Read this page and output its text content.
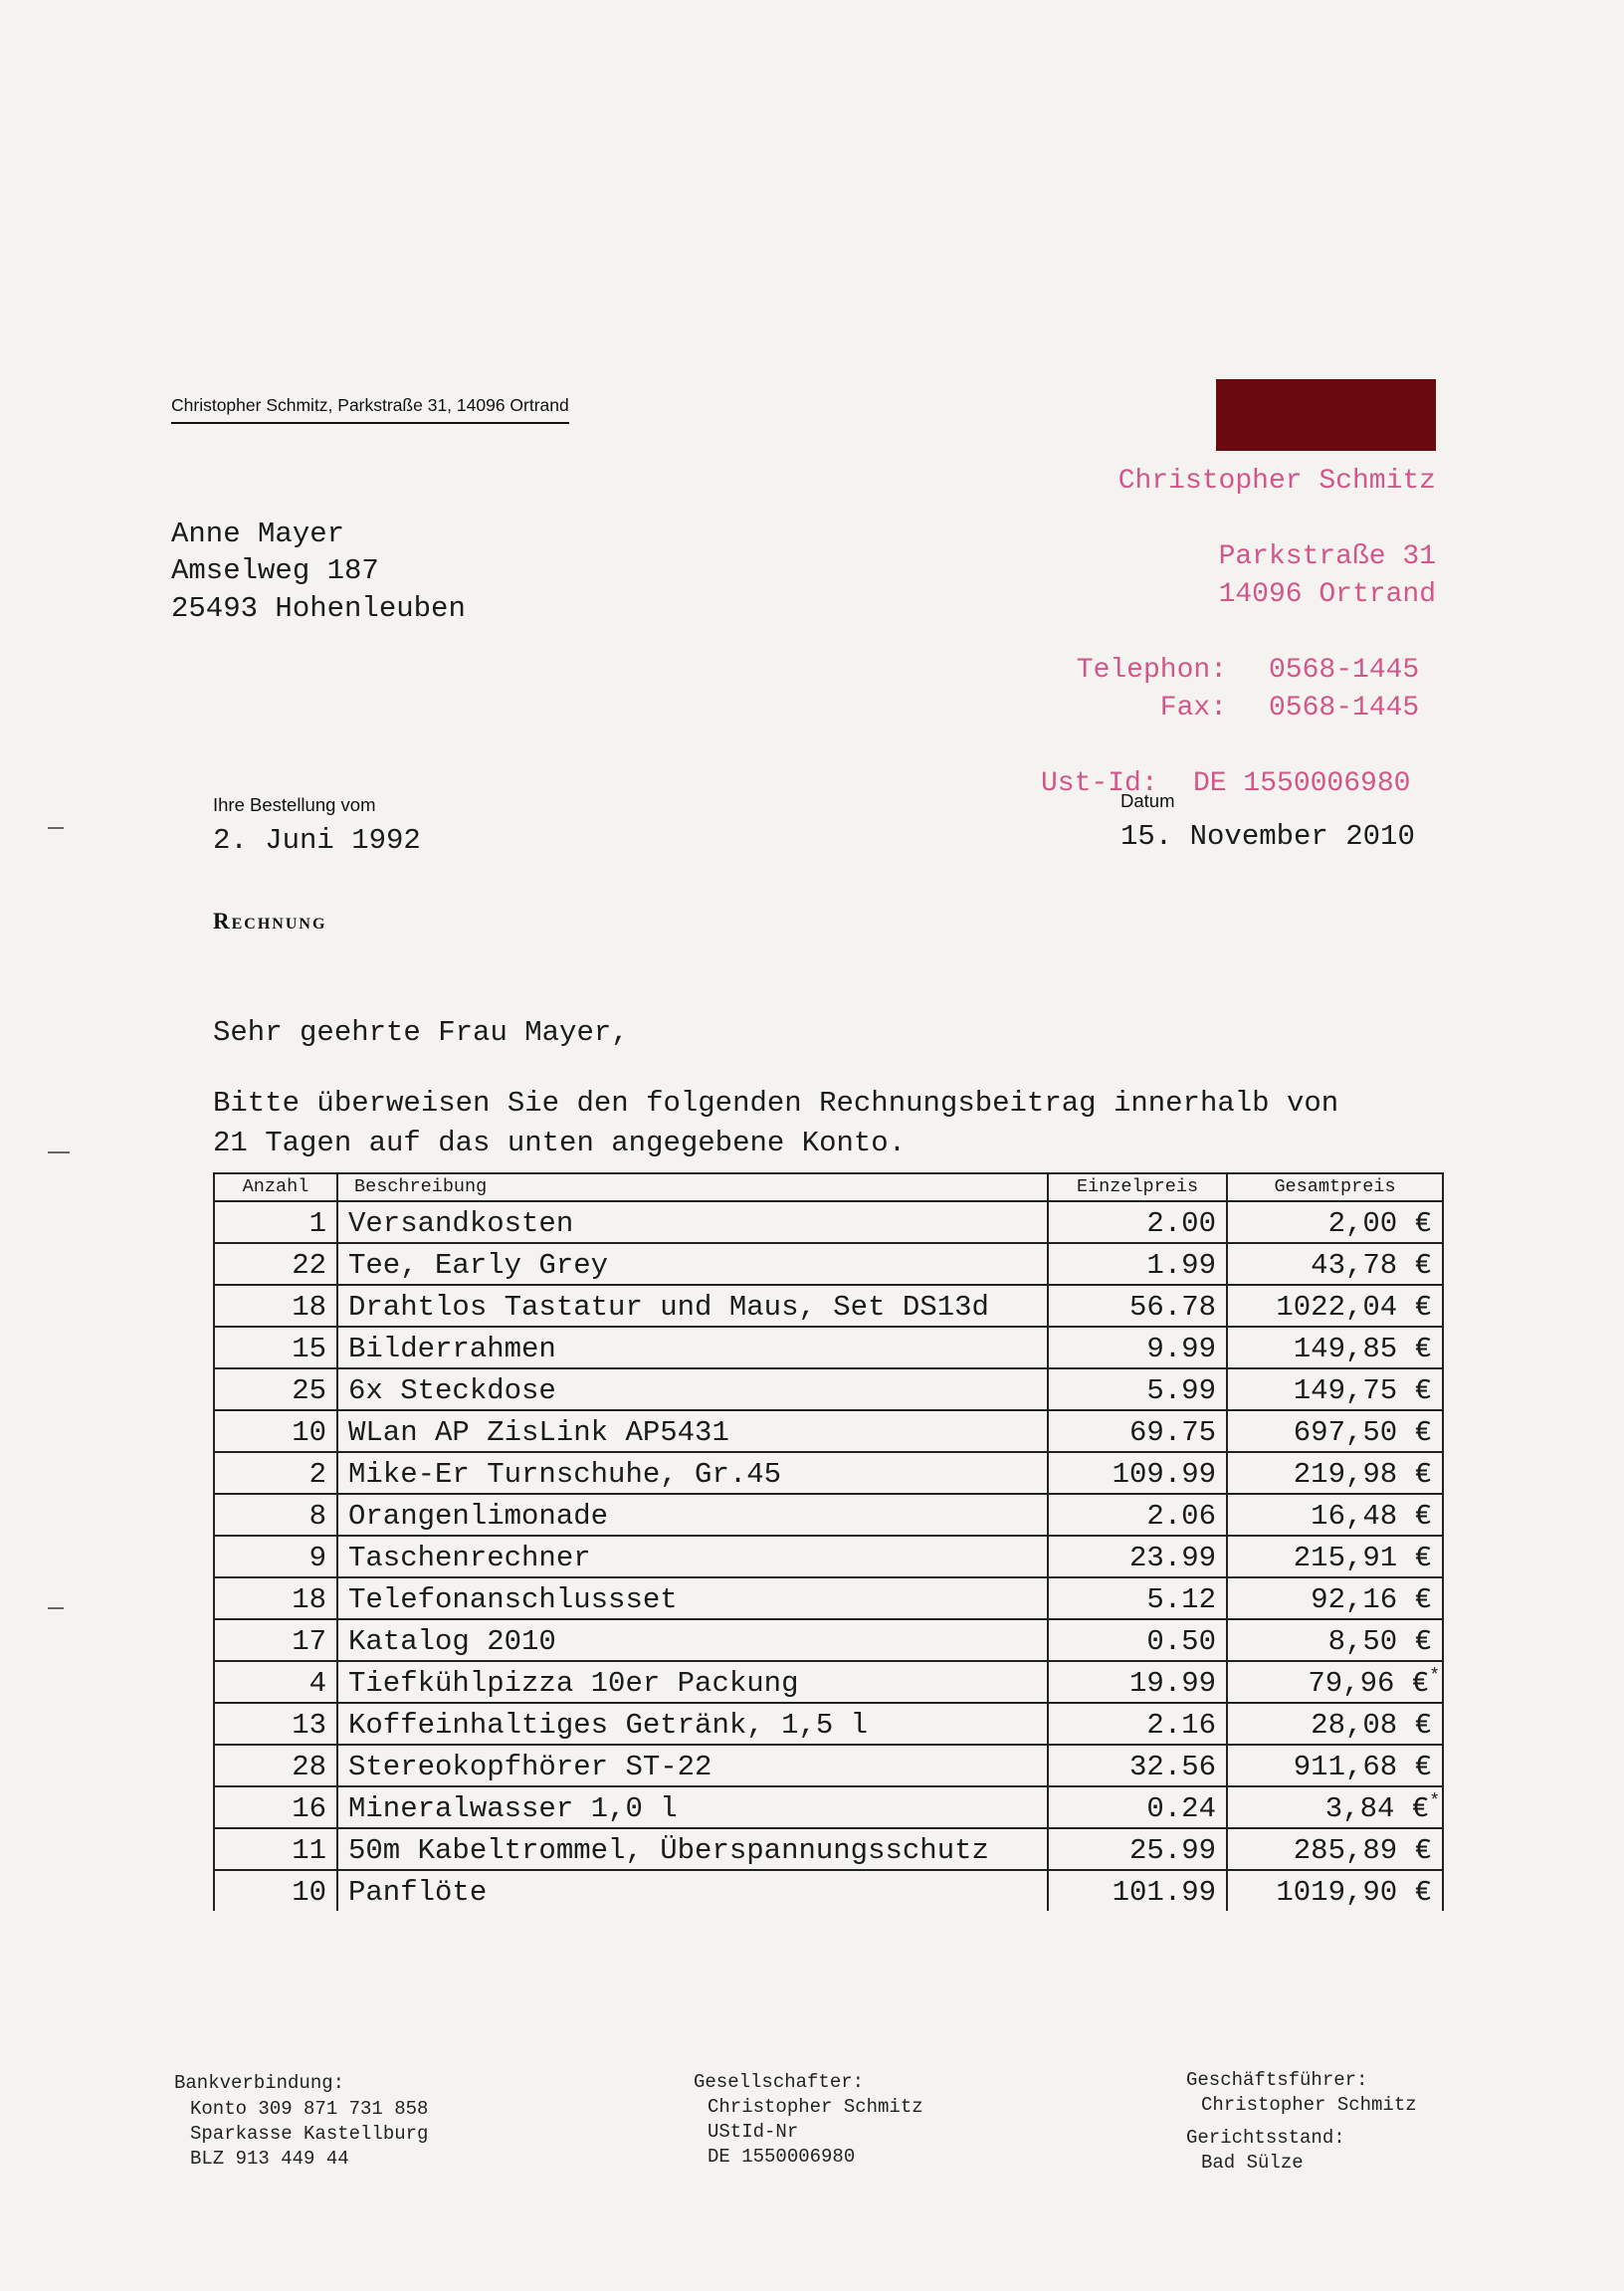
Christopher Schmitz, Parkstraße 31, 14096 Ortrand
Anne Mayer
Amselweg 187
25493 Hohenleuben
Christopher Schmitz
Parkstraße 31
14096 Ortrand
Telephon: 0568-1445
Fax: 0568-1445
Ust-Id: DE 1550006980
Ihre Bestellung vom
2. Juni 1992
Datum
15. November 2010
Rechnung
Sehr geehrte Frau Mayer,
Bitte überweisen Sie den folgenden Rechnungsbeitrag innerhalb von
21 Tagen auf das unten angegebene Konto.
Anzahl	Beschreibung	Einzelpreis	Gesamtpreis
1	Versandkosten	2.00	2,00 €
22	Tee, Early Grey	1.99	43,78 €
18	Drahtlos Tastatur und Maus, Set DS13d	56.78	1022,04 €
15	Bilderrahmen	9.99	149,85 €
25	6x Steckdose	5.99	149,75 €
10	WLan AP ZisLink AP5431	69.75	697,50 €
2	Mike-Er Turnschuhe, Gr.45	109.99	219,98 €
8	Orangenlimonade	2.06	16,48 €
9	Taschenrechner	23.99	215,91 €
18	Telefonanschlussset	5.12	92,16 €
17	Katalog 2010	0.50	8,50 €
4	Tiefkühlpizza 10er Packung	19.99	79,96 €*
13	Koffeinhaltiges Getränk, 1,5 l	2.16	28,08 €
28	Stereokopfhörer ST-22	32.56	911,68 €
16	Mineralwasser 1,0 l	0.24	3,84 €*
11	50m Kabeltrommel, Überspannungsschutz	25.99	285,89 €
10	Panflöte	101.99	1019,90 €
Bankverbindung:
Konto 309 871 731 858
Sparkasse Kastellburg
BLZ 913 449 44
Gesellschafter:
Christopher Schmitz
UStId-Nr
DE 1550006980
Geschäftsführer:
Christopher Schmitz
Gerichtsstand:
Bad Sülze
